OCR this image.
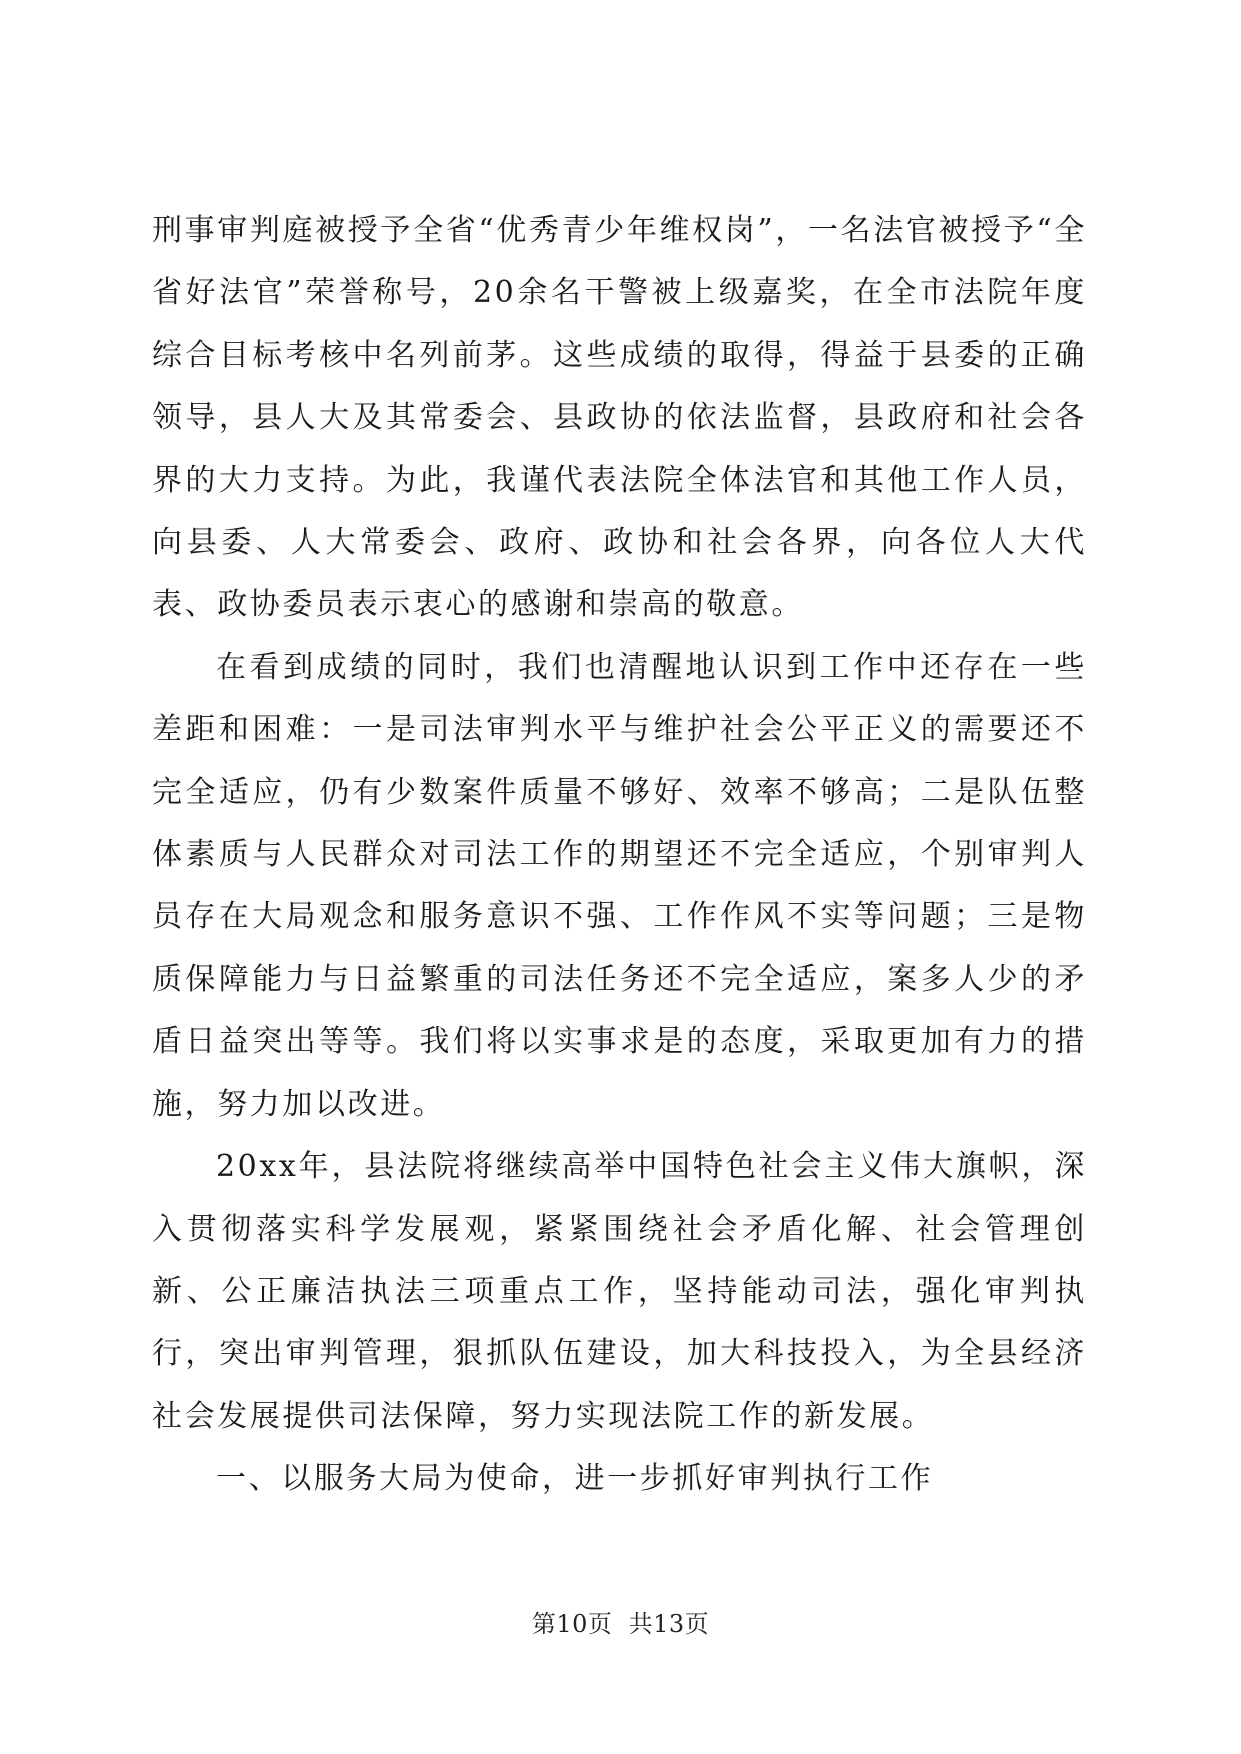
刑事审判庭被授予全省“优秀青少年维权岗”，一名法官被授予“全省好法官”荣誉称号，20余名干警被上级嘉奖，在全市法院年度综合目标考核中名列前茅。这些成绩的取得，得益于县委的正确领导，县人大及其常委会、县政协的依法监督，县政府和社会各界的大力支持。为此，我谨代表法院全体法官和其他工作人员，向县委、人大常委会、政府、政协和社会各界，向各位人大代表、政协委员表示衷心的感谢和崇高的敬意。

在看到成绩的同时，我们也清醒地认识到工作中还存在一些差距和困难：一是司法审判水平与维护社会公平正义的需要还不完全适应，仍有少数案件质量不够好、效率不够高；二是队伍整体素质与人民群众对司法工作的期望还不完全适应，个别审判人员存在大局观念和服务意识不强、工作作风不实等问题；三是物质保障能力与日益繁重的司法任务还不完全适应，案多人少的矛盾日益突出等等。我们将以实事求是的态度，采取更加有力的措施，努力加以改进。

20xx年，县法院将继续高举中国特色社会主义伟大旗帜，深入贯彻落实科学发展观，紧紧围绕社会矛盾化解、社会管理创新、公正廉洁执法三项重点工作，坚持能动司法，强化审判执行，突出审判管理，狠抓队伍建设，加大科技投入，为全县经济社会发展提供司法保障，努力实现法院工作的新发展。

一、以服务大局为使命，进一步抓好审判执行工作

第10页  共13页
